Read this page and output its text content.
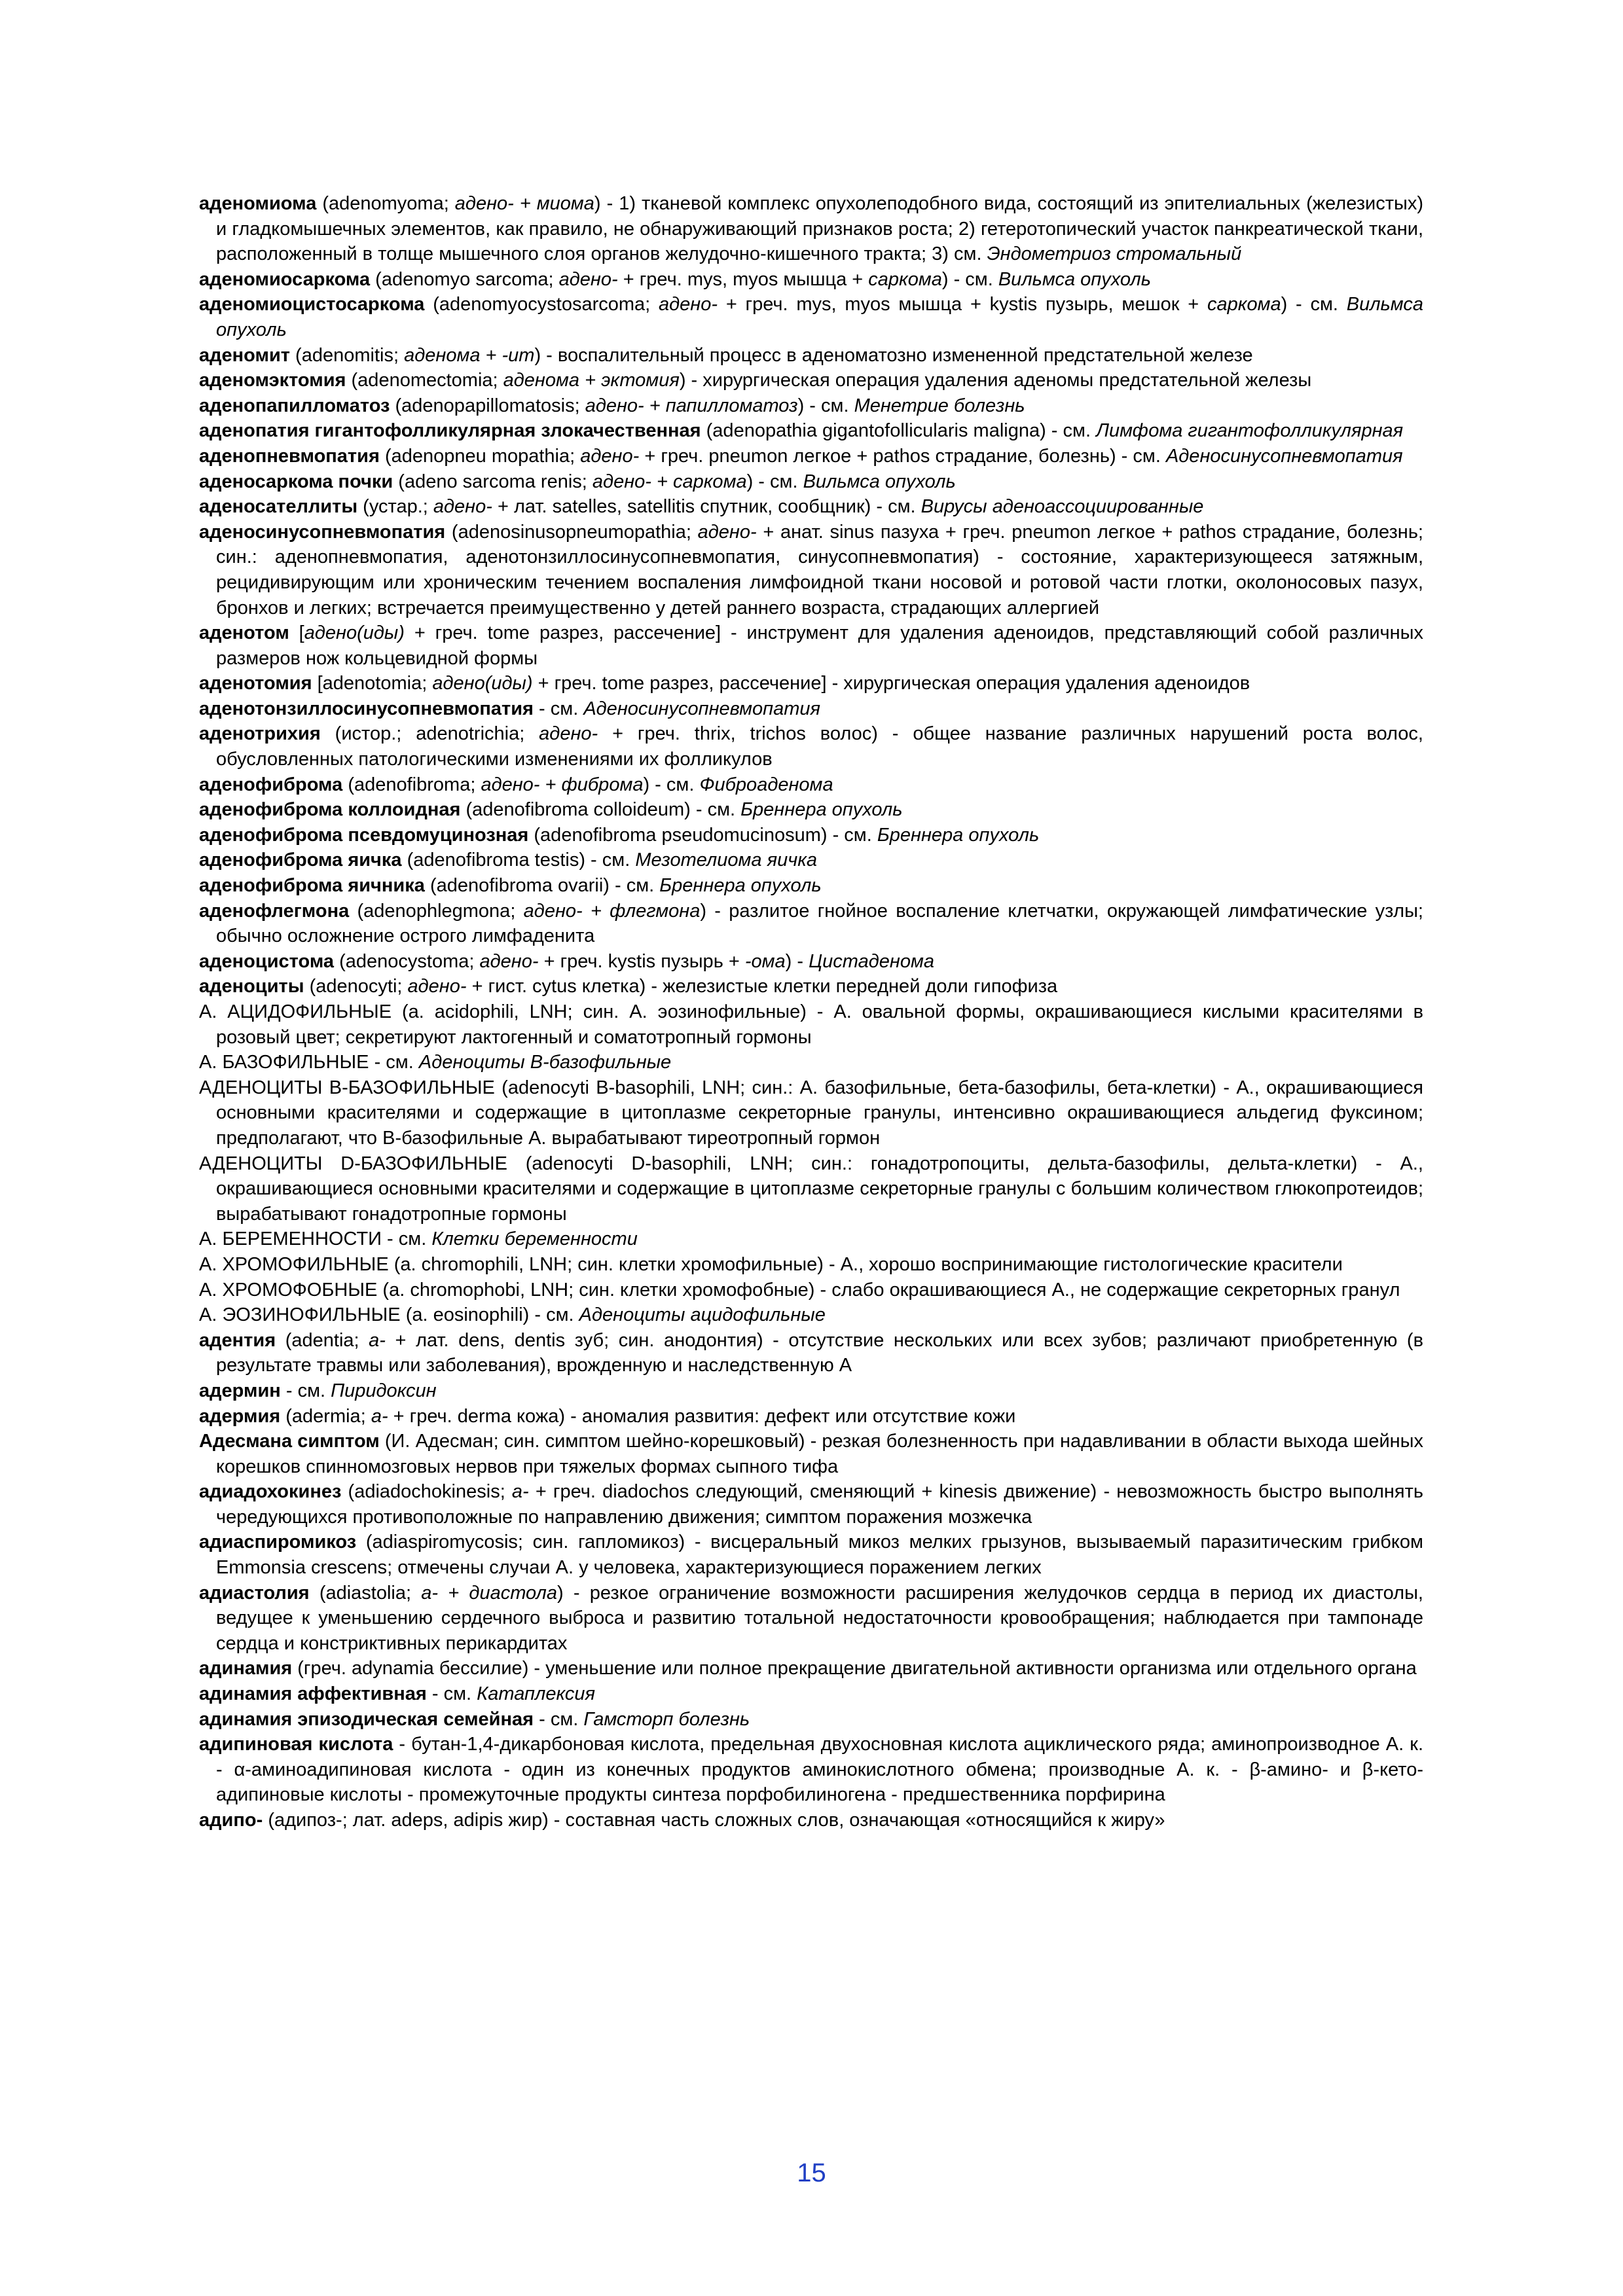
аденомиома (adenomyoma; адено- + миома) - 1) тканевой комплекс опухолеподобного вида, состоящий из эпителиальных (железистых) и гладкомышечных элементов, как правило, не обнаруживающий признаков роста; 2) гетеротопический участок панкреатической ткани, расположенный в толще мышечного слоя органов желудочно-кишечного тракта; 3) см. Эндометриоз стромальный

аденомиосаркома (adenomyo sarcoma; адено- + греч. mys, myos мышца + саркома) - см. Вильмса опухоль

аденомиоцистосаркома (adenomyocystosarcoma; адено- + греч. mys, myos мышца + kystis пузырь, мешок + саркома) - см. Вильмса опухоль

аденомит (adenomitis; аденома + -ит) - воспалительный процесс в аденоматозно измененной предстательной железе

аденомэктомия (adenomectomia; аденома + эктомия) - хирургическая операция удаления аденомы предстательной железы

аденопапилломатоз (adenopapillomatosis; адено- + папилломатоз) - см. Менетрие болезнь

аденопатия гигантофолликулярная злокачественная (adenopathia gigantofollicularis maligna) - см. Лимфома гигантофолликулярная

аденопневмопатия (adenopneu mopathia; адено- + греч. pneumon легкое + pathos страдание, болезнь) - см. Аденосинусопневмопатия

аденосаркома почки (adeno sarcoma renis; адено- + саркома) - см. Вильмса опухоль

аденосателлиты (устар.; адено- + лат. satelles, satellitis спутник, сообщник) - см. Вирусы аденоассоциированные

аденосинусопневмопатия (adenosinusopneumopathia; адено- + анат. sinus пазуха + греч. pneumon легкое + pathos страдание, болезнь; син.: аденопневмопатия, аденотонзиллосинусопневмопатия, синусопневмопатия) - состояние, характеризующееся затяжным, рецидивирующим или хроническим течением воспаления лимфоидной ткани носовой и ротовой части глотки, околоносовых пазух, бронхов и легких; встречается преимущественно у детей раннего возраста, страдающих аллергией

аденотом [адено(иды) + греч. tome разрез, рассечение] - инструмент для удаления аденоидов, представляющий собой различных размеров нож кольцевидной формы

аденотомия [adenotomia; адено(иды) + греч. tome разрез, рассечение] - хирургическая операция удаления аденоидов

аденотонзиллосинусопневмопатия - см. Аденосинусопневмопатия

аденотрихия (истор.; adenotrichia; адено- + греч. thrix, trichos волос) - общее название различных нарушений роста волос, обусловленных патологическими изменениями их фолликулов

аденофиброма (adenofibroma; адено- + фиброма) - см. Фиброаденома

аденофиброма коллоидная (adenofibroma colloideum) - см. Бреннера опухоль

аденофиброма псевдомуцинозная (adenofibroma pseudomucinosum) - см. Бреннера опухоль

аденофиброма яичка (adenofibroma testis) - см. Мезотелиома яичка

аденофиброма яичника (adenofibroma ovarii) - см. Бреннера опухоль

аденофлегмона (adenophlegmona; адено- + флегмона) - разлитое гнойное воспаление клетчатки, окружающей лимфатические узлы; обычно осложнение острого лимфаденита

аденоцистома (adenocystoma; адено- + греч. kystis пузырь + -ома) - Цистаденома

аденоциты (adenocyti; адено- + гист. cytus клетка) - железистые клетки передней доли гипофиза

А. АЦИДОФИЛЬНЫЕ (a. acidophili, LNH; син. А. эозинофильные) - А. овальной формы, окрашивающиеся кислыми красителями в розовый цвет; секретируют лактогенный и соматотропный гормоны

А. БАЗОФИЛЬНЫЕ - см. Аденоциты В-базофильные

АДЕНОЦИТЫ В-БАЗОФИЛЬНЫЕ (adenocyti B-basophili, LNH; син.: А. базофильные, бета-базофилы, бета-клетки) - А., окрашивающиеся основными красителями и содержащие в цитоплазме секреторные гранулы, интенсивно окрашивающиеся альдегид фуксином; предполагают, что В-базофильные А. вырабатывают тиреотропный гормон

АДЕНОЦИТЫ D-БАЗОФИЛЬНЫЕ (adenocyti D-basophili, LNH; син.: гонадотропоциты, дельта-базофилы, дельта-клетки) - А., окрашивающиеся основными красителями и содержащие в цитоплазме секреторные гранулы с большим количеством глюкопротеидов; вырабатывают гонадотропные гормоны

А. БЕРЕМЕННОСТИ - см. Клетки беременности

А. ХРОМОФИЛЬНЫЕ (a. chromophili, LNH; син. клетки хромофильные) - А., хорошо воспринимающие гистологические красители

А. ХРОМОФОБНЫЕ (a. chromophobi, LNH; син. клетки хромофобные) - слабо окрашивающиеся А., не содержащие секреторных гранул

А. ЭОЗИНОФИЛЬНЫЕ (a. eosinophili) - см. Аденоциты ацидофильные

адентия (adentia; а- + лат. dens, dentis зуб; син. анодонтия) - отсутствие нескольких или всех зубов; различают приобретенную (в результате травмы или заболевания), врожденную и наследственную А

адермин - см. Пиридоксин

адермия (adermia; а- + греч. derma кожа) - аномалия развития: дефект или отсутствие кожи

Адесмана симптом (И. Адесман; син. симптом шейно-корешковый) - резкая болезненность при надавливании в области выхода шейных корешков спинномозговых нервов при тяжелых формах сыпного тифа

адиадохокинез (adiadochokinesis; а- + греч. diadochos следующий, сменяющий + kinesis движение) - невозможность быстро выполнять чередующихся противоположные по направлению движения; симптом поражения мозжечка

адиаспиромикоз (adiaspiromycosis; син. гапломикоз) - висцеральный микоз мелких грызунов, вызываемый паразитическим грибком Emmonsia crescens; отмечены случаи А. у человека, характеризующиеся поражением легких

адиастолия (adiastolia; а- + диастола) - резкое ограничение возможности расширения желудочков сердца в период их диастолы, ведущее к уменьшению сердечного выброса и развитию тотальной недостаточности кровообращения; наблюдается при тампонаде сердца и констриктивных перикардитах

адинамия (греч. adynamia бессилие) - уменьшение или полное прекращение двигательной активности организма или отдельного органа

адинамия аффективная - см. Катаплексия

адинамия эпизодическая семейная - см. Гамсторп болезнь

адипиновая кислота - бутан-1,4-дикарбоновая кислота, предельная двухосновная кислота ациклического ряда; аминопроизводное А. к. - α-аминоадипиновая кислота - один из конечных продуктов аминокислотного обмена; производные А. к. - β-амино- и β-кето-адипиновые кислоты - промежуточные продукты синтеза порфобилиногена - предшественника порфирина

адипо- (адипоз-; лат. adeps, adipis жир) - составная часть сложных слов, означающая «относящийся к жиру»

15
